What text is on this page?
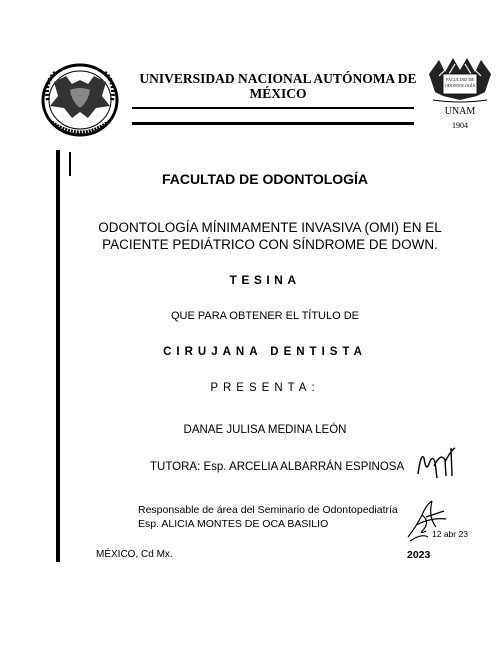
UNIVERSIDAD NACIONAL AUTÓNOMA DE MÉXICO
FACULTAD DE
ODONTOLOGÍA
UNAM
1904
FACULTAD DE ODONTOLOGÍA
ODONTOLOGÍA MÍNIMAMENTE INVASIVA (OMI) EN EL
PACIENTE PEDIÁTRICO CON SÍNDROME DE DOWN.
TESINA
QUE PARA OBTENER EL TÍTULO DE
CIRUJANA DENTISTA
PRESENTA:
DANAE JULISA MEDINA LEÓN
TUTORA: Esp. ARCELIA ALBARRÁN ESPINOSA
Responsable de área del Seminario de Odontopediatría
Esp. ALICIA MONTES DE OCA BASILIO
12 abr 23
MÉXICO, Cd Mx.	2023
